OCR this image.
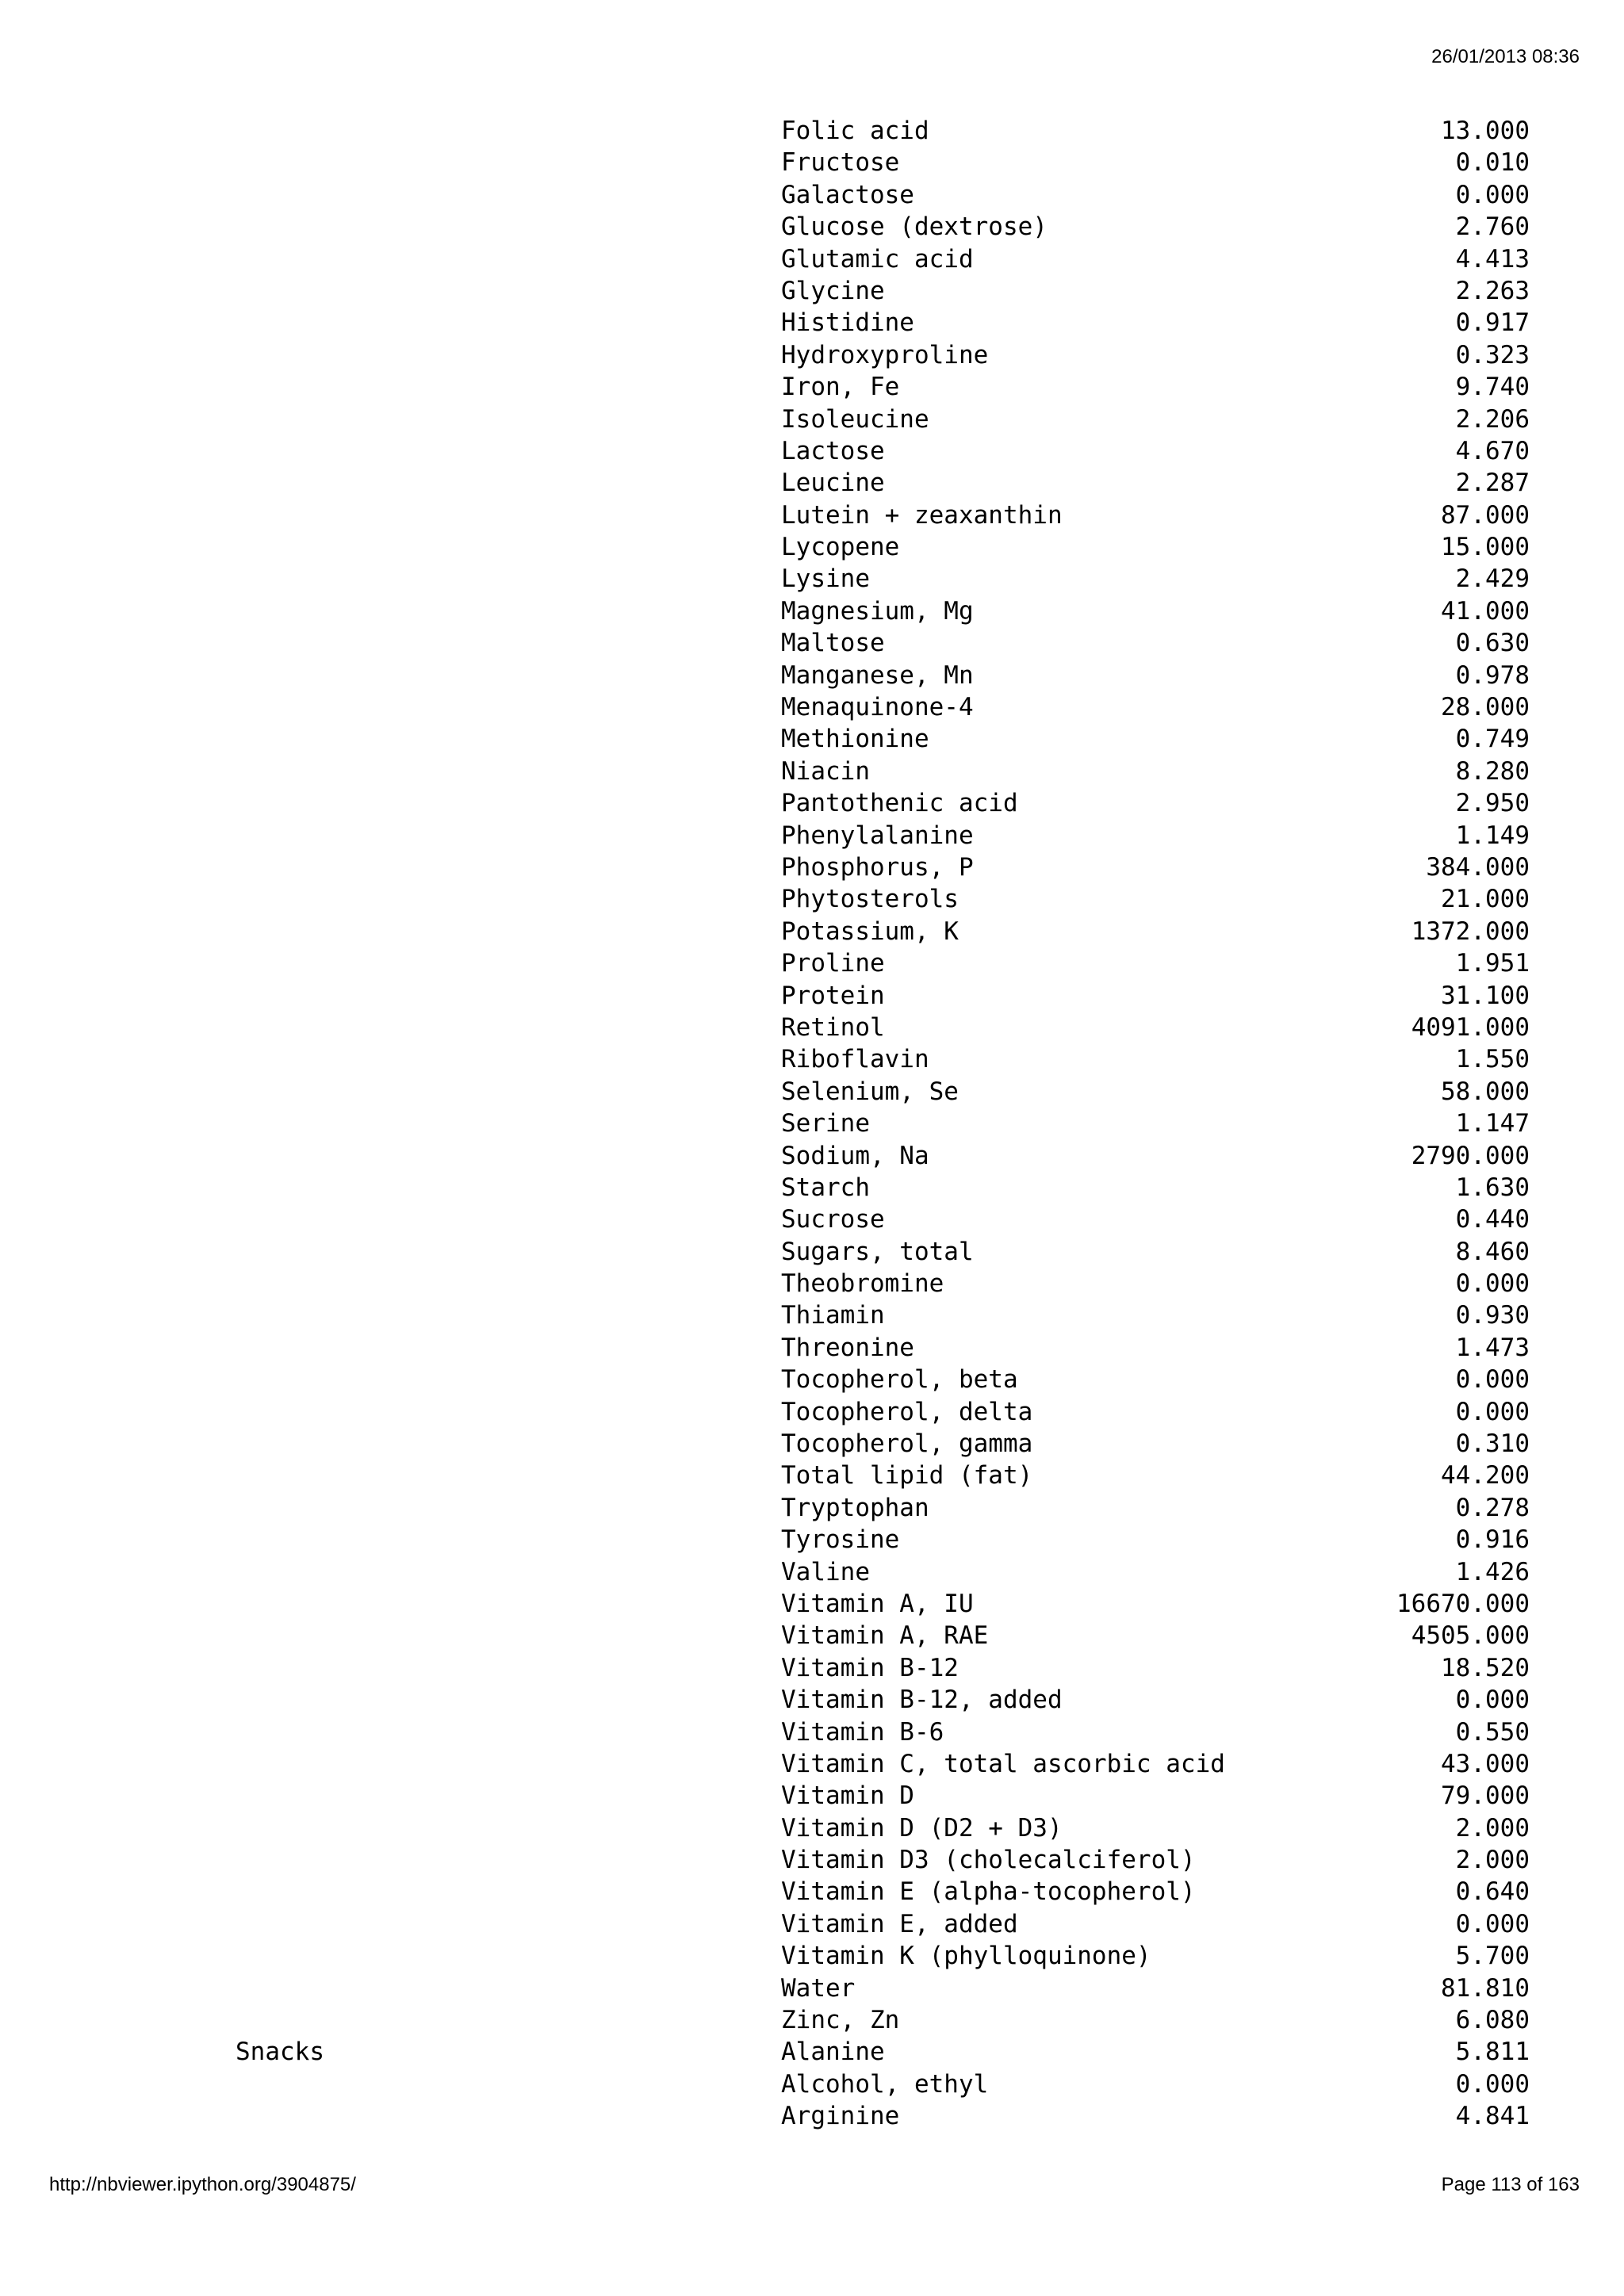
26/01/2013 08:36
Folic acid	13.000
Fructose	0.010
Galactose	0.000
Glucose (dextrose)	2.760
Glutamic acid	4.413
Glycine	2.263
Histidine	0.917
Hydroxyproline	0.323
Iron, Fe	9.740
Isoleucine	2.206
Lactose	4.670
Leucine	2.287
Lutein + zeaxanthin	87.000
Lycopene	15.000
Lysine	2.429
Magnesium, Mg	41.000
Maltose	0.630
Manganese, Mn	0.978
Menaquinone-4	28.000
Methionine	0.749
Niacin	8.280
Pantothenic acid	2.950
Phenylalanine	1.149
Phosphorus, P	384.000
Phytosterols	21.000
Potassium, K	1372.000
Proline	1.951
Protein	31.100
Retinol	4091.000
Riboflavin	1.550
Selenium, Se	58.000
Serine	1.147
Sodium, Na	2790.000
Starch	1.630
Sucrose	0.440
Sugars, total	8.460
Theobromine	0.000
Thiamin	0.930
Threonine	1.473
Tocopherol, beta	0.000
Tocopherol, delta	0.000
Tocopherol, gamma	0.310
Total lipid (fat)	44.200
Tryptophan	0.278
Tyrosine	0.916
Valine	1.426
Vitamin A, IU	16670.000
Vitamin A, RAE	4505.000
Vitamin B-12	18.520
Vitamin B-12, added	0.000
Vitamin B-6	0.550
Vitamin C, total ascorbic acid	43.000
Vitamin D	79.000
Vitamin D (D2 + D3)	2.000
Vitamin D3 (cholecalciferol)	2.000
Vitamin E (alpha-tocopherol)	0.640
Vitamin E, added	0.000
Vitamin K (phylloquinone)	5.700
Water	81.810
Zinc, Zn	6.080
Snacks	Alanine	5.811
Alcohol, ethyl	0.000
Arginine	4.841
http://nbviewer.ipython.org/3904875/	Page 113 of 163
